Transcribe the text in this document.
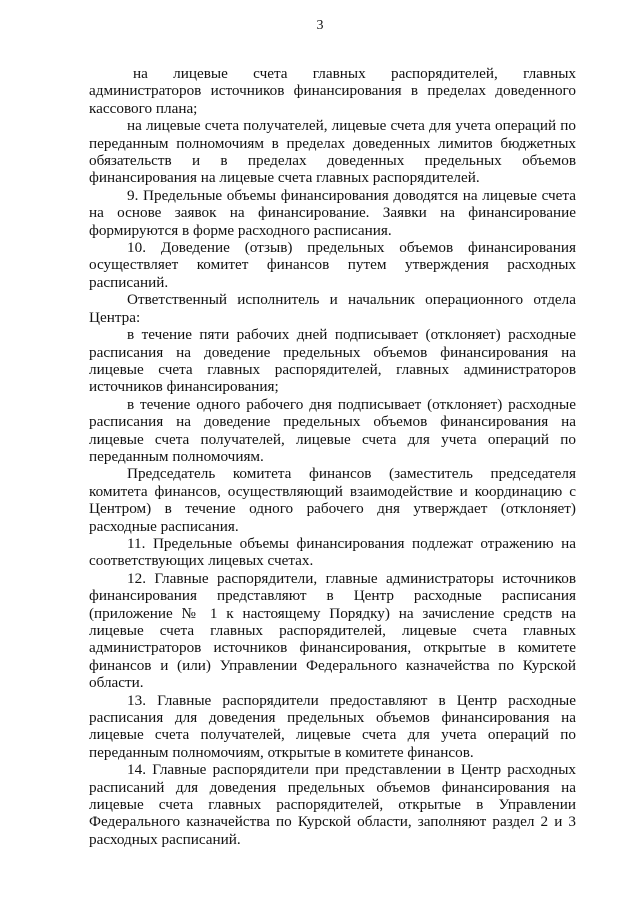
3

на лицевые счета главных распорядителей, главных администраторов источников финансирования в пределах доведенного кассового плана;

на лицевые счета получателей, лицевые счета для учета операций по переданным полномочиям в пределах доведенных лимитов бюджетных обязательств и в пределах доведенных предельных объемов финансирования на лицевые счета главных распорядителей.

9. Предельные объемы финансирования доводятся на лицевые счета на основе заявок на финансирование. Заявки на финансирование формируются в форме расходного расписания.

10. Доведение (отзыв) предельных объемов финансирования осуществляет комитет финансов путем утверждения расходных расписаний.

Ответственный исполнитель и начальник операционного отдела Центра:

в течение пяти рабочих дней подписывает (отклоняет) расходные расписания на доведение предельных объемов финансирования на лицевые счета главных распорядителей, главных администраторов источников финансирования;

в течение одного рабочего дня подписывает (отклоняет) расходные расписания на доведение предельных объемов финансирования на лицевые счета получателей, лицевые счета для учета операций по переданным полномочиям.

Председатель комитета финансов (заместитель председателя комитета финансов, осуществляющий взаимодействие и координацию с Центром) в течение одного рабочего дня утверждает (отклоняет) расходные расписания.

11. Предельные объемы финансирования подлежат отражению на соответствующих лицевых счетах.

12. Главные распорядители, главные администраторы источников финансирования представляют в Центр расходные расписания (приложение № 1 к настоящему Порядку) на зачисление средств на лицевые счета главных распорядителей, лицевые счета главных администраторов источников финансирования, открытые в комитете финансов и (или) Управлении Федерального казначейства по Курской области.

13. Главные распорядители предоставляют в Центр расходные расписания для доведения предельных объемов финансирования на лицевые счета получателей, лицевые счета для учета операций по переданным полномочиям, открытые в комитете финансов.

14. Главные распорядители при представлении в Центр расходных расписаний для доведения предельных объемов финансирования на лицевые счета главных распорядителей, открытые в Управлении Федерального казначейства по Курской области, заполняют раздел 2 и 3 расходных расписаний.
